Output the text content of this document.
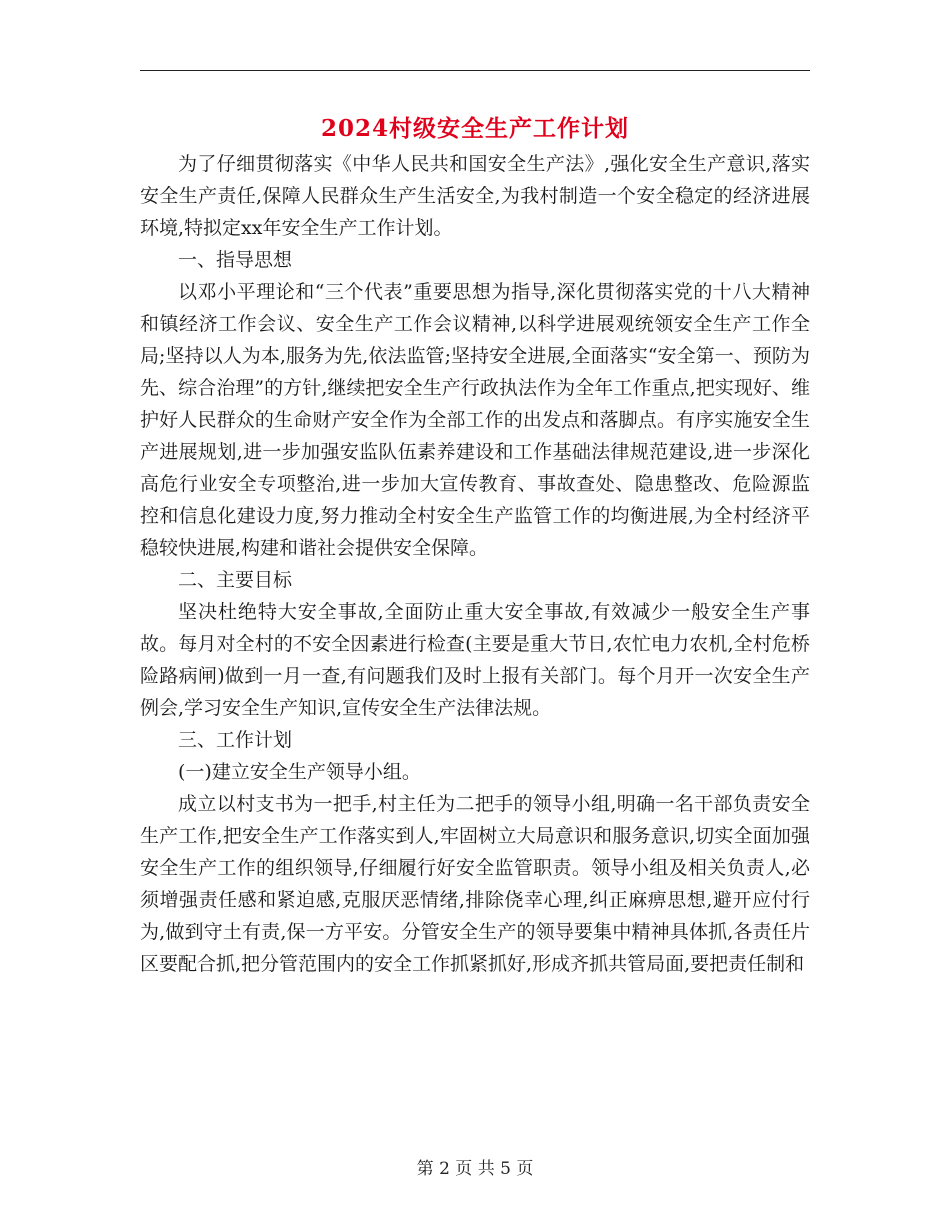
2024村级安全生产工作计划

为了仔细贯彻落实《中华人民共和国安全生产法》,强化安全生产意识,落实安全生产责任,保障人民群众生产生活安全,为我村制造一个安全稳定的经济进展环境,特拟定xx年安全生产工作计划。

一、指导思想

以邓小平理论和“三个代表”重要思想为指导,深化贯彻落实党的十八大精神和镇经济工作会议、安全生产工作会议精神,以科学进展观统领安全生产工作全局;坚持以人为本,服务为先,依法监管;坚持安全进展,全面落实“安全第一、预防为先、综合治理”的方针,继续把安全生产行政执法作为全年工作重点,把实现好、维护好人民群众的生命财产安全作为全部工作的出发点和落脚点。有序实施安全生产进展规划,进一步加强安监队伍素养建设和工作基础法律规范建设,进一步深化高危行业安全专项整治,进一步加大宣传教育、事故查处、隐患整改、危险源监控和信息化建设力度,努力推动全村安全生产监管工作的均衡进展,为全村经济平稳较快进展,构建和谐社会提供安全保障。

二、主要目标

坚决杜绝特大安全事故,全面防止重大安全事故,有效减少一般安全生产事故。每月对全村的不安全因素进行检查(主要是重大节日,农忙电力农机,全村危桥险路病闸)做到一月一查,有问题我们及时上报有关部门。每个月开一次安全生产例会,学习安全生产知识,宣传安全生产法律法规。

三、工作计划

(一)建立安全生产领导小组。

成立以村支书为一把手,村主任为二把手的领导小组,明确一名干部负责安全生产工作,把安全生产工作落实到人,牢固树立大局意识和服务意识,切实全面加强安全生产工作的组织领导,仔细履行好安全监管职责。领导小组及相关负责人,必须增强责任感和紧迫感,克服厌恶情绪,排除侥幸心理,纠正麻痹思想,避开应付行为,做到守土有责,保一方平安。分管安全生产的领导要集中精神具体抓,各责任片区要配合抓,把分管范围内的安全工作抓紧抓好,形成齐抓共管局面,要把责任制和

第 2 页 共 5 页
